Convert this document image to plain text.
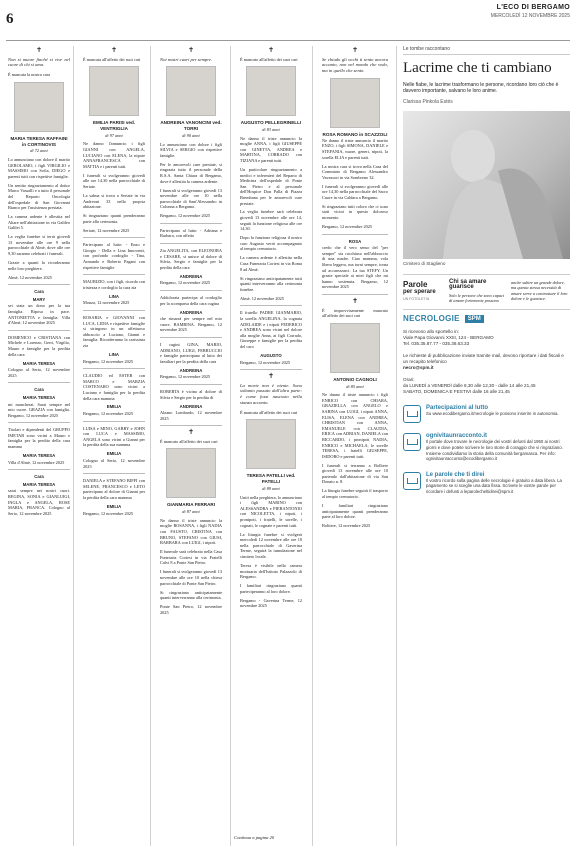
6
L'ECO DI BERGAMO
MERCOLEDÌ 12 NOVEMBRE 2025
✝
Non si muore finché si vive nel cuore di chi si ama.

È mancata la nostra cara

MARIA TERESA RAFFAINI in CORTINOVIS
di 72 anni

Lo annunciano con dolore il marito GEROLAMO, i figli VIRGILIO e MASSIMO con Sofia, DIEGO e parenti tutti con rispettive famiglie.

Un sentito ringraziamento al dottor Marco Vassalli e a tutto il personale del Reparto Oncologia dell'ospedale di San Giovanni Bianco per l'assistenza prestata.

La camera ardente è allestita nel Altare nell'abitazione in via Galileo Galilei 5.

La veglia funebre si terrà giovedì 13 novembre alle ore 9 nella parrocchiale di Almè, dove alle ore 9,30 saranno celebrati i funerali.

Grazie a quanti la ricorderanno nelle loro preghiere.

Almè, 12 novembre 2025

Cara
MARY

sei stata un dono per la tua famiglia. Riposa in pace. ANTONIETTA e famiglia. Villa d'Almè, 12 novembre 2025

DOMENICO e CRISTIANA con Michele e Lorenzo, Gerri, Virgilio, Mauro e famiglie per la perdita della cara

MARIA TERESA

Cologno al Serio, 12 novembre 2025

Cara
MARIA TERESA

mi mancherai. Sarai sempre nel mio cuore. GRAZIA con famiglia. Bergamo, 12 novembre 2025

Titolari e dipendenti del GRUPPO IMETAB sono vicini a Mauro e famiglia per la perdita della cara mamma

MARIA TERESA

Villa d'Almè, 12 novembre 2025

Cara
MARIA TERESA

sarai sempre nei nostri cuori. REGINA, SONIA e GIANLUIGI, INGLA e ANGELA, ROSE MARIA, FRANCA. Cologno al Serio, 12 novembre 2025

✝

È mancata all'affetto dei suoi cari

EMILIA PARISI ved. VENTRIGLIA
di 97 anni

Ne danno l'annuncio i figli GIANNI con ANGELA, LUCIANO con ELENA, la nipote ANNAFRANCESCA con MATTIA e i parenti tutti.

I funerali si svolgeranno giovedì alle ore 14,30 nella parrocchiale di Seriate.

La salma si trova a Seriate in via Andreoni 33 nella propria abitazione.

Si ringraziano quanti prenderanno parte alla cerimonia.

Seriate, 12 novembre 2025

Partecipano al lutto: - Enzo e Giorgio - Della e Lina Innocenti, con profondo cordoglio - Tina, Armando e Roberto Pagani con rispettive famiglie

MAURIZIO, con i figli, ricorda con tristezza e cordoglio la cara zia

LINA

Monza, 12 novembre 2025

ROSARIA e GIOVANNI con LUCA, LIDIA e rispettive famiglie si stringono in un affettuoso abbraccio a Luciano, Gianni e famiglia. Ricorderanno la carissima zia

LINA

Bergamo, 12 novembre 2025

CLAUDIO ed ESTER con MARCO e MARZIA COSTENARO sono vicini a Luciano e famiglia per la perdita della cara mamma

EMILIA

Bergamo, 12 novembre 2025

LUISA e MINO, GABRY e JOHN con LUCA e MASSIMO, ANGELA sono vicini a Gianni per la perdita della sua mamma

EMILIA

Cologno al Serio, 12 novembre 2025

DANIELA e STEFANO BIFFI con SELENE, FRANCESCO e LETO partecipano al dolore di Gianni per la perdita della cara mamma

EMILIA

Bergamo, 12 novembre 2025

✝
Noi nostri cuori per sempre.
ANDREINA VANONCINI ved. TORRI
di 90 anni

Lo annunciano con dolore i figli SILVIA e SERGIO con rispettive famiglie.

Per le amorevoli cure prestate, si ringrazia tutto il personale della R.S.A. Santa Chiara di Bergamo, dove è allestita la camera ardente.

I funerali si svolgeranno giovedì 13 novembre alle ore 10 nella parrocchiale di Sant'Alessandro in Colonna a Bergamo.

Bergamo, 12 novembre 2025

Partecipano al lutto: - Adriana e Barbara, con affetto

Zia ANGELITA, con ELEONORA e CESARE, si unisce al dolore di Silvia, Sergio e famiglie per la perdita della cara

ANDREINA

Bergamo, 12 novembre 2025

Addolorata partecipa al cordoglio per la scomparsa della cara cugina

ANDREINA

che rimarrà per sempre nel mio cuore. BAMBINA. Bergamo, 12 novembre 2025

I cugini GINA, MARIO, ADRIANO, LUIGI, FERRUCCIO e famiglie partecipano al lutto dei familiari per la perdita della cara

ANDREINA

Bergamo, 12 novembre 2025

ROBERTA è vicina al dolore di Silvia e Sergio per la perdita di

ANDREINA

Alzano Lombardo, 12 novembre 2025

✝

È mancato all'affetto dei suoi cari

GIANMARIA FERRARI
di 87 anni

Ne danno il triste annuncio la moglie ROSANNA, i figli NADIA con FAUSTO, CRISTINA con BRUNO, STEFANO con GIUSI, BARBARA con LUIGI, i nipoti.

Il funerale sarà celebrato nella Casa Funeraria Cortesi in via Fratelli Calvi 8 a Ponte San Pietro.

I funerali si svolgeranno giovedì 13 novembre alle ore 10 nella chiesa parrocchiale di Ponte San Pietro.

Si ringraziano anticipatamente quanti interverranno alla cerimonia.

Ponte San Pietro, 12 novembre 2025

✝

È mancato all'affetto dei suoi cari

AUGUSTO PELLEGRINELLI
di 83 anni

Ne danno il triste annuncio la moglie ANNA, i figli GIUSEPPE con GINETTA, ANDREA e MARTINA, CORRADO con TIZIANA e parenti tutti.

Un particolare ringraziamento a medici e infermieri del Reparto di Medicina dell'ospedale di Ponte San Pietro e al personale dell'Hospice Don Palla di Piazza Brembana per le amorevoli cure prestate.

La veglia funebre sarà celebrata giovedì 13 novembre alle ore 14, seguiti la funzione religiosa alle ore 14,30.

Dopo la funzione religiosa il nostro caro Augusto verrà accompagnato al tempio crematorio.

La camera ardente è allestita nella Casa Funeraria Cortesi in via Roma 8 ad Almè.

Si ringraziano anticipatamente tutti quanti interverranno alla cerimonia funebre.

Almè, 12 novembre 2025

Il fratello PADRE GIANMARIO, la sorella ANGELINA, la cognata ADELAIDE e i nipoti FEDERICO e ANDREA sono vicini nel dolore alla moglie Anna, ai figli Corrado, Giuseppe e famiglie per la perdita del caro

AUGUSTO

Bergamo, 12 novembre 2025

✝
La morte non è niente. Sono soltanto passato dall'altra parte: è come fossi nascosto nella stanza accanto.

È mancata all'affetto dei suoi cari

TERESA PATELLI ved. PATELLI
di 89 anni

Uniti nella preghiera, lo annunciano i figli MARINO con ALESSANDRA e PIERANTONIO con NICOLETTA, i nipoti, i pronipoti, i fratelli, le sorelle, i cognati, le cognate e parenti tutti.

La liturgia funebre si svolgerà mercoledì 12 novembre alle ore 10 nella parrocchiale di Gaverina Terme, seguirà la tumulazione nel cimitero locale.

Teresa è visibile nella camera mortuaria dell'Istituto Palazzolo di Bergamo.

I familiari ringraziano quanti parteciperanno al loro dolore.

Bergamo - Gaverina Terme, 12 novembre 2025

Continua a pagina 20
✝
Se chiudo gli occhi ti sento ancora accanto, non nel mondo che vedo, ma in quello che sento.
ROSA ROMANO in SCAZZOLI

Ne danno il triste annuncio il marito ENZO, i figli SIMONA, DANIELE e STEFANIA, nuore, generi, nipoti, la sorella ELIA e parenti tutti.

La nostra cara si trova nella Casa del Commiato di Bergamo Alessandro Vavassori in via Sombreno 32.

I funerali si svolgeranno giovedì alle ore 14,30 nella parrocchiale del Sacro Cuore in via Caldara a Bergamo.

Si ringraziano tutti coloro che ci sono stati vicini in questo doloroso momento.

Bergamo, 12 novembre 2025

ROSA

credo che il vero senso del "per sempre" sia racchiuso nell'abbraccio di una madre. Ciao mamma, vola libera leggera, ma torni sempre, torna ad accarezzarci. La tua STEFY. Un grazie speciale ai miei figli che mi hanno sostenuta. Bergamo, 12 novembre 2025

✝

È improvvisamente mancato all'affetto dei suoi cari

ANTONIO CAGNOLI
di 85 anni

Ne danno il triste annuncio i figli ENRICO con CHIARA, GRAZIELLA con ANGELO e SABINA con LUIGI, i nipoti ANNA, ELISA, ELENA con ANDREA, CHRISTIAN con ANNA, EMANUELE con CLAUDIA, ERICA con ADRIAN, DANIELA con RICCARDO, i pronipoti NADIA, ENRICO e MICHAELA, le sorelle TERESA, i fratelli GIUSEPPE, ISIDORO e parenti tutti.

I funerali si terranno a Bolltere giovedì 13 novembre alle ore 10 partendo dall'abitazione di via San Donato n. 8.

La liturgia funebre seguirà il trasporto al tempio crematorio.

I familiari ringraziano anticipatamente quanti prenderanno parte al loro dolore.

Boltiere, 12 novembre 2025

Le tombe raccontano
Lacrime che ti cambiano
Nelle fiabe, le lacrime trasformano le persone, ricordano loro ciò che è davvero importante, salvano le loro anime.
Clarissa Pinkola Estés
Cimitero di Staglieno
Parole
per sperare
UN FOTOLETIA
Chi sa amare guarisce
Solo le persone che sono capaci di amare fortemente possono
anche subire un grande dolore, ma questa stessa necessità di amare serve a contrastare il loro dolore e le guarisce.
NECROLOGIE	SPM
Si ricevono allo sportello in:
Viale Papa Giovanni XXIII, 124 - BERGAMO
Tel. 035.35.87.77 - 035.38.63.33
Le richieste di pubblicazione inviate tramite mail, devono riportare i dati fiscali e un recapito telefonico
necro@spm.it
Orari:
da LUNEDÌ a VENERDÌ dalle 8,30 alle 12,30 - dalle 14 alle 21,45
SABATO, DOMENICA E FESTIVI dalle 16 alle 21,45
Partecipazioni al lutto
Su www.ecodibergamo.it/necrologie le possono inserire in autonomia.
ognivitaunracconto.it
Il portale dove trovare le necrologie dei vostri defunti dal 1950 ai nostri giorni e dove potete scrivere le loro storie di coraggio che vi ringraziano. Insieme condividiamo la storia della comunità bergamasca. Per info: ognivitaunracconto@ecodibergamo.it
Le parole che ti direi
Il vostro ricordo sulla pagina delle necrologie è gratuito a data libera. La pagamento se si sceglie una data fissa. Scrivete le vostre parole per ricordare i defunti a leparolecheltidirei@spm.it
